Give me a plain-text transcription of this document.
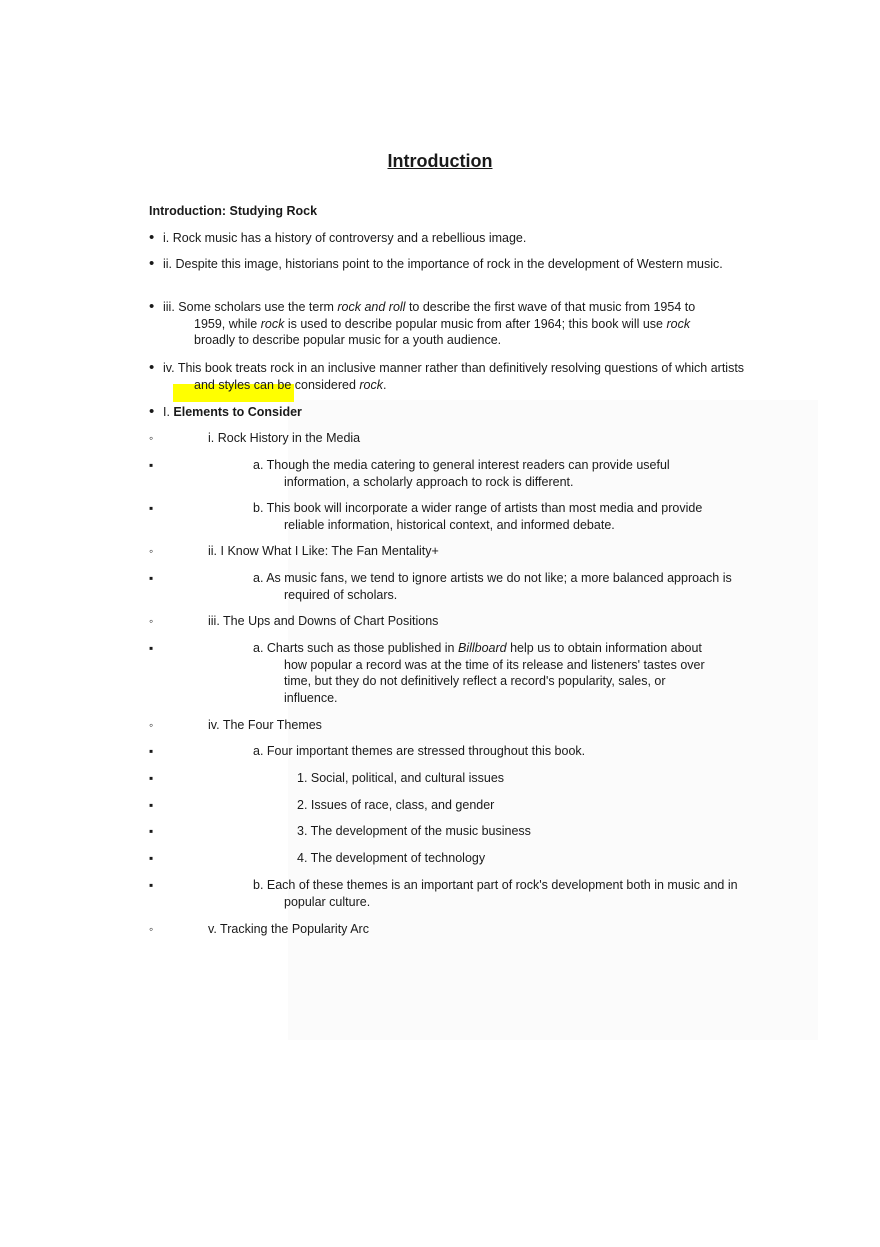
Introduction
Introduction: Studying Rock
•
i. Rock music has a history of controversy and a rebellious image.
•
ii. Despite this image, historians point to the importance of rock in the development of Western music.
•
iii. Some scholars use the term rock and roll to describe the first wave of that music from 1954 to 1959, while rock is used to describe popular music from after 1964; this book will use rock broadly to describe popular music for a youth audience.
•
iv. This book treats rock in an inclusive manner rather than definitively resolving questions of which artists and styles can be considered rock.
•
I. Elements to Consider
◦
i. Rock History in the Media
▪
a. Though the media catering to general interest readers can provide useful information, a scholarly approach to rock is different.
▪
b. This book will incorporate a wider range of artists than most media and provide reliable information, historical context, and informed debate.
◦
ii. I Know What I Like: The Fan Mentality+
▪
a. As music fans, we tend to ignore artists we do not like; a more balanced approach is required of scholars.
◦
iii. The Ups and Downs of Chart Positions
▪
a. Charts such as those published in Billboard help us to obtain information about how popular a record was at the time of its release and listeners' tastes over time, but they do not definitively reflect a record's popularity, sales, or influence.
◦
iv. The Four Themes
▪
a. Four important themes are stressed throughout this book.
▪
1. Social, political, and cultural issues
▪
2. Issues of race, class, and gender
▪
3. The development of the music business
▪
4. The development of technology
▪
b. Each of these themes is an important part of rock's development both in music and in popular culture.
◦
v. Tracking the Popularity Arc
